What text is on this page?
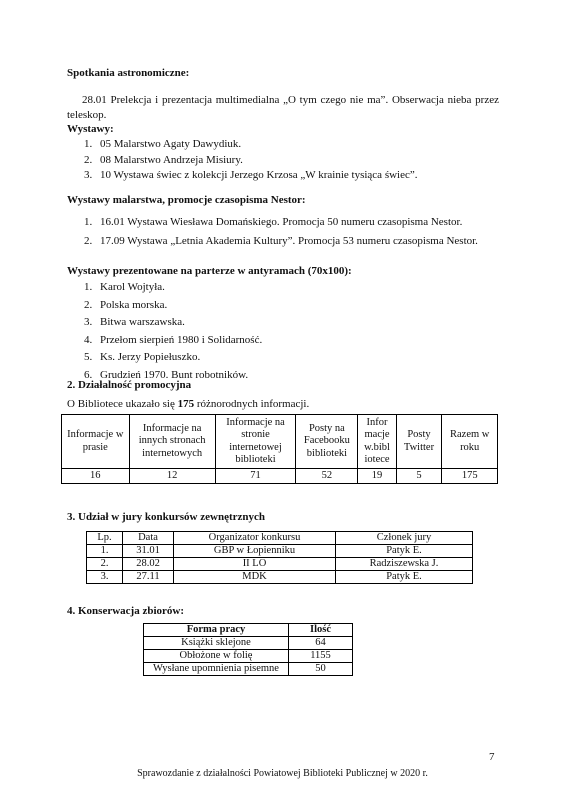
Spotkania astronomiczne:
28.01 Prelekcja i prezentacja multimedialna „O tym czego nie ma”. Obserwacja nieba przez teleskop.
Wystawy:
1. 05 Malarstwo Agaty Dawydiuk.
2. 08 Malarstwo Andrzeja Misiury.
3. 10 Wystawa świec z kolekcji Jerzego Krzosa „W krainie tysiąca świec”.
Wystawy malarstwa, promocje czasopisma Nestor:
1. 16.01 Wystawa Wiesława Domańskiego. Promocja 50 numeru czasopisma Nestor.
2. 17.09 Wystawa „Letnia Akademia Kultury”. Promocja 53 numeru czasopisma Nestor.
Wystawy prezentowane na parterze w antyramach (70x100):
1. Karol Wojtyła.
2. Polska morska.
3. Bitwa warszawska.
4. Przełom sierpień 1980 i Solidarność.
5. Ks. Jerzy Popiełuszko.
6. Grudzień 1970. Bunt robotników.
2. Działalność promocyjna
O Bibliotece ukazało się 175 różnorodnych informacji.
Informacje w prasie	Informacje na innych stronach internetowych	Informacje na stronie internetowej biblioteki	Posty na Facebooku biblioteki	Infor macje w.bibl iotece	Posty Twitter	Razem w roku
16	12	71	52	19	5	175
3. Udział w jury konkursów zewnętrznych
Lp.	Data	Organizator konkursu	Członek jury
1.	31.01	GBP w Łopienniku	Patyk E.
2.	28.02	II LO	Radziszewska J.
3.	27.11	MDK	Patyk E.
4. Konserwacja zbiorów:
Forma pracy	Ilość
Książki sklejone	64
Obłożone w folię	1155
Wysłane upomnienia pisemne	50
7
Sprawozdanie z działalności Powiatowej Biblioteki Publicznej w 2020 r.
